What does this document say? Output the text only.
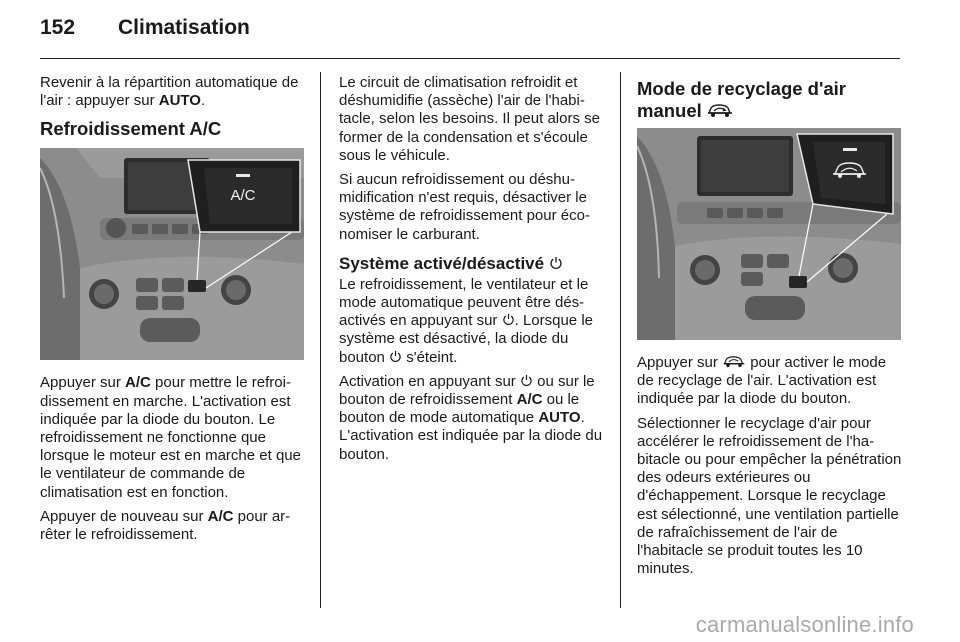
152 Climatisation

Revenir à la répartition automatique de l'air : appuyer sur AUTO.

Refroidissement A/C
A/C

Appuyer sur A/C pour mettre le refroidissement en marche. L'activation est indiquée par la diode du bouton. Le refroidissement ne fonctionne que lorsque le moteur est en marche et que le ventilateur de commande de climatisation est en fonction.

Appuyer de nouveau sur A/C pour arrêter le refroidissement.

Le circuit de climatisation refroidit et déshumidifie (assèche) l'air de l'habitacle, selon les besoins. Il peut alors se former de la condensation et s'écoule sous le véhicule.

Si aucun refroidissement ou déshumidification n'est requis, désactiver le système de refroidissement pour économiser le carburant.

Système activé/désactivé

Le refroidissement, le ventilateur et le mode automatique peuvent être désactivés en appuyant sur . Lorsque le système est désactivé, la diode du bouton  s'éteint.

Activation en appuyant sur  ou sur le bouton de refroidissement A/C ou le bouton de mode automatique AUTO. L'activation est indiquée par la diode du bouton.

Mode de recyclage d'air
manuel

Appuyer sur  pour activer le mode de recyclage de l'air. L'activation est indiquée par la diode du bouton.

Sélectionner le recyclage d'air pour accélérer le refroidissement de l'habitacle ou pour empêcher la pénétration des odeurs extérieures ou d'échappement. Lorsque le recyclage est sélectionné, une ventilation partielle de rafraîchissement de l'air de l'habitacle se produit toutes les 10 minutes.

carmanualsonline.info
